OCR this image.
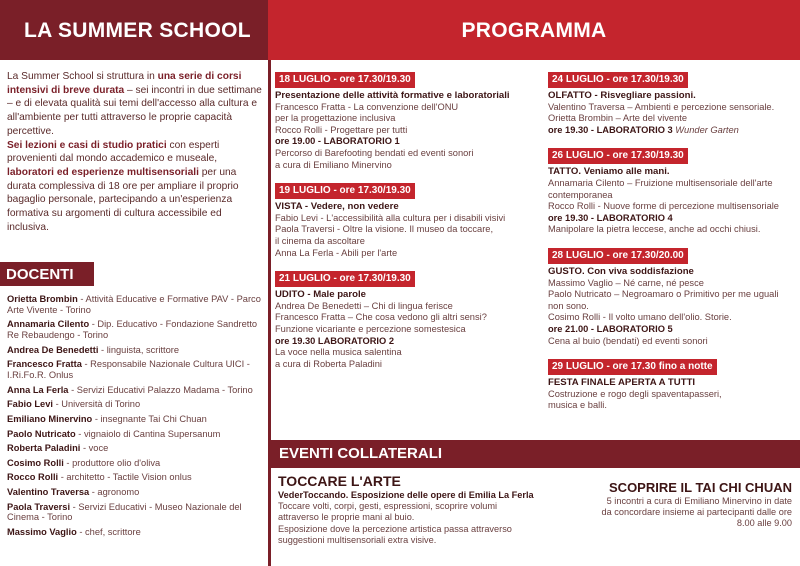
LA SUMMER SCHOOL	PROGRAMMA
La Summer School si struttura in una serie di corsi intensivi di breve durata – sei incontri in due settimane – e di elevata qualità sui temi dell'accesso alla cultura e all'ambiente per tutti attraverso le proprie capacità percettive.
Sei lezioni e casi di studio pratici con esperti provenienti dal mondo accademico e museale, laboratori ed esperienze multisensoriali per una durata complessiva di 18 ore per ampliare il proprio bagaglio personale, partecipando a un'esperienza formativa su argomenti di cultura accessibile ed inclusiva.
DOCENTI
Orietta Brombin - Attività Educative e Formative PAV - Parco Arte Vivente - Torino
Annamaria Cilento - Dip. Educativo - Fondazione Sandretto Re Rebaudengo - Torino
Andrea De Benedetti - linguista, scrittore
Francesco Fratta - Responsabile Nazionale Cultura UICI - I.Ri.Fo.R. Onlus
Anna La Ferla - Servizi Educativi Palazzo Madama - Torino
Fabio Levi - Università di Torino
Emiliano Minervino - insegnante Tai Chi Chuan
Paolo Nutricato - vignaiolo di Cantina Supersanum
Roberta Paladini - voce
Cosimo Rolli - produttore olio d'oliva
Rocco Rolli - architetto - Tactile Vision onlus
Valentino Traversa - agronomo
Paola Traversi - Servizi Educativi - Museo Nazionale del Cinema - Torino
Massimo Vaglio - chef, scrittore
18 LUGLIO - ore 17.30/19.30
Presentazione delle attività formative e laboratoriali
Francesco Fratta - La convenzione dell'ONU
per la progettazione inclusiva
Rocco Rolli - Progettare per tutti
ore 19.00 - LABORATORIO 1
Percorso di Barefooting bendati ed eventi sonori
a cura di Emiliano Minervino
19 LUGLIO - ore 17.30/19.30
VISTA - Vedere, non vedere
Fabio Levi - L'accessibilità alla cultura per i disabili visivi
Paola Traversi - Oltre la visione. Il museo da toccare,
il cinema da ascoltare
Anna La Ferla - Abili per l'arte
21 LUGLIO - ore 17.30/19.30
UDITO - Male parole
Andrea De Benedetti – Chi di lingua ferisce
Francesco Fratta – Che cosa vedono gli altri sensi?
Funzione vicariante e percezione somestesica
ore 19.30 LABORATORIO 2
La voce nella musica salentina
a cura di Roberta Paladini
24 LUGLIO - ore 17.30/19.30
OLFATTO - Risvegliare passioni.
Valentino Traversa – Ambienti e percezione sensoriale.
Orietta Brombin – Arte del vivente
ore 19.30 - LABORATORIO 3 Wunder Garten
26 LUGLIO - ore 17.30/19.30
TATTO. Veniamo alle mani.
Annamaria Cilento – Fruizione multisensoriale dell'arte
contemporanea
Rocco Rolli - Nuove forme di percezione multisensoriale
ore 19.30 - LABORATORIO 4
Manipolare la pietra leccese, anche ad occhi chiusi.
28 LUGLIO - ore 17.30/20.00
GUSTO. Con viva soddisfazione
Massimo Vaglio – Né carne, né pesce
Paolo Nutricato – Negroamaro o Primitivo per me uguali
non sono.
Cosimo Rolli - Il volto umano dell'olio. Storie.
ore 21.00 - LABORATORIO 5
Cena al buio (bendati) ed eventi sonori
29 LUGLIO - ore 17.30 fino a notte
FESTA FINALE APERTA A TUTTI
Costruzione e rogo degli spaventapasseri,
musica e balli.
EVENTI COLLATERALI
TOCCARE L'ARTE
VederToccando. Esposizione delle opere di Emilia La Ferla
Toccare volti, corpi, gesti, espressioni, scoprire volumi
attraverso le proprie mani al buio.
Esposizione dove la percezione artistica passa attraverso
suggestioni multisensoriali extra visive.
SCOPRIRE IL TAI CHI CHUAN
5 incontri a cura di Emiliano Minervino in date
da concordare insieme ai partecipanti dalle ore
8.00 alle 9.00
